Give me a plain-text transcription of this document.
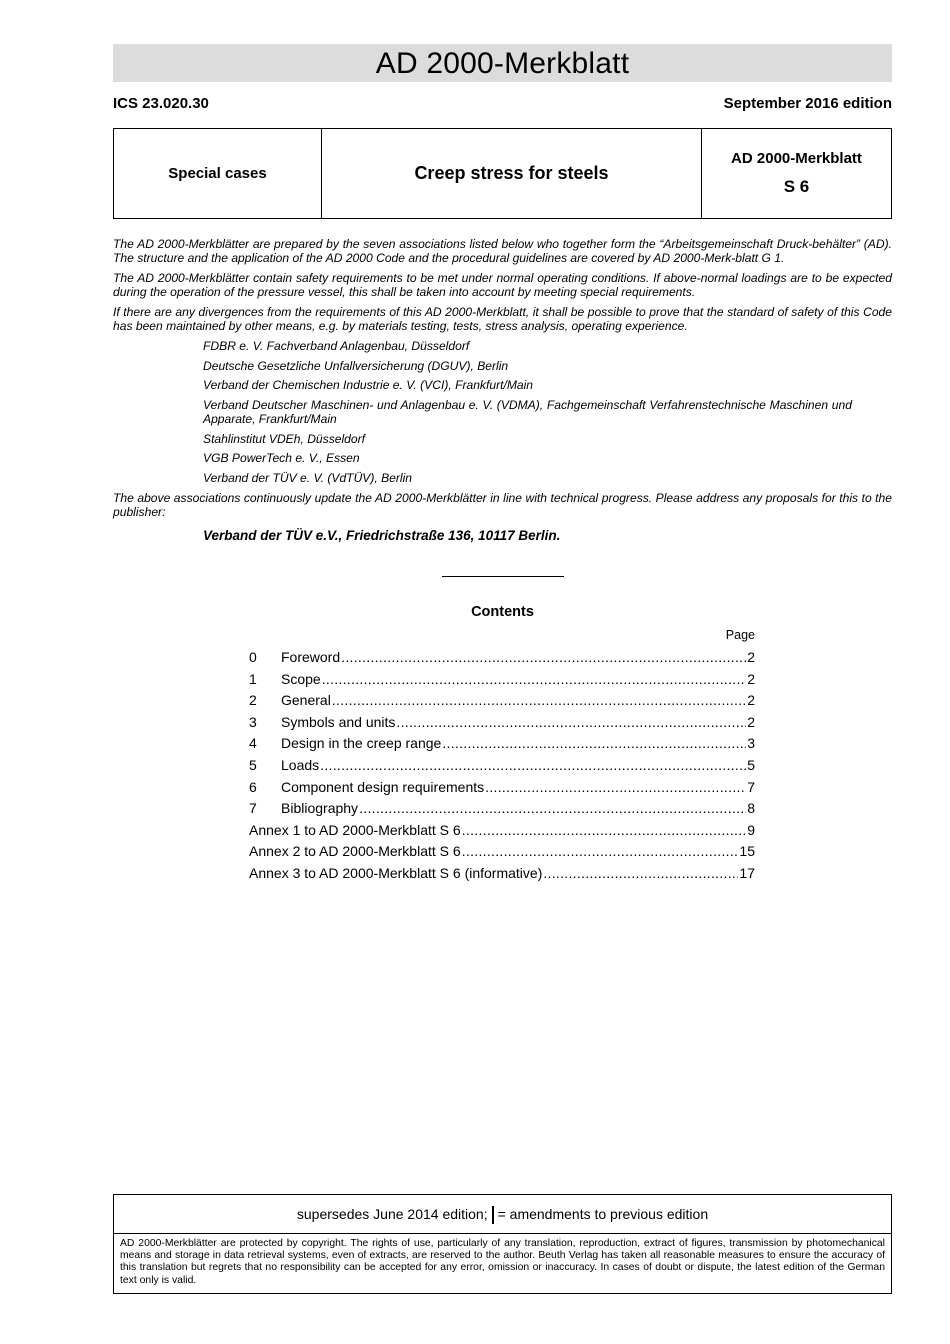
AD 2000-Merkblatt
ICS 23.020.30	September 2016 edition
Special cases	Creep stress for steels
AD 2000-Merkblatt
S 6

The AD 2000-Merkblätter are prepared by the seven associations listed below who together form the “Arbeitsgemeinschaft Druck-behälter” (AD). The structure and the application of the AD 2000 Code and the procedural guidelines are covered by AD 2000-Merk-blatt G 1.

The AD 2000-Merkblätter contain safety requirements to be met under normal operating conditions. If above-normal loadings are to be expected during the operation of the pressure vessel, this shall be taken into account by meeting special requirements.

If there are any divergences from the requirements of this AD 2000-Merkblatt, it shall be possible to prove that the standard of safety of this Code has been maintained by other means, e.g. by materials testing, tests, stress analysis, operating experience.

FDBR e. V. Fachverband Anlagenbau, Düsseldorf
Deutsche Gesetzliche Unfallversicherung (DGUV), Berlin
Verband der Chemischen Industrie e. V. (VCI), Frankfurt/Main
Verband Deutscher Maschinen- und Anlagenbau e. V. (VDMA), Fachgemeinschaft Verfahrenstechnische Maschinen und Apparate, Frankfurt/Main
Stahlinstitut VDEh, Düsseldorf
VGB PowerTech e. V., Essen
Verband der TÜV e. V. (VdTÜV), Berlin

The above associations continuously update the AD 2000-Merkblätter in line with technical progress. Please address any proposals for this to the publisher:

Verband der TÜV e.V., Friedrichstraße 136, 10117 Berlin.
Contents
Page
0	Foreword .....	2
1	Scope .....	2
2	General .....	2
3	Symbols and units .....	2
4	Design in the creep range .....	3
5	Loads .....	5
6	Component design requirements .....	7
7	Bibliography .....	8
Annex 1 to AD 2000-Merkblatt S 6 .....	9
Annex 2 to AD 2000-Merkblatt S 6 .....	15
Annex 3 to AD 2000-Merkblatt S 6 (informative) .....	17
supersedes June 2014 edition; = amendments to previous edition
AD 2000-Merkblätter are protected by copyright. The rights of use, particularly of any translation, reproduction, extract of figures, transmission by photomechanical means and storage in data retrieval systems, even of extracts, are reserved to the author. Beuth Verlag has taken all reasonable measures to ensure the accuracy of this translation but regrets that no responsibility can be accepted for any error, omission or inaccuracy. In cases of doubt or dispute, the latest edition of the German text only is valid.
